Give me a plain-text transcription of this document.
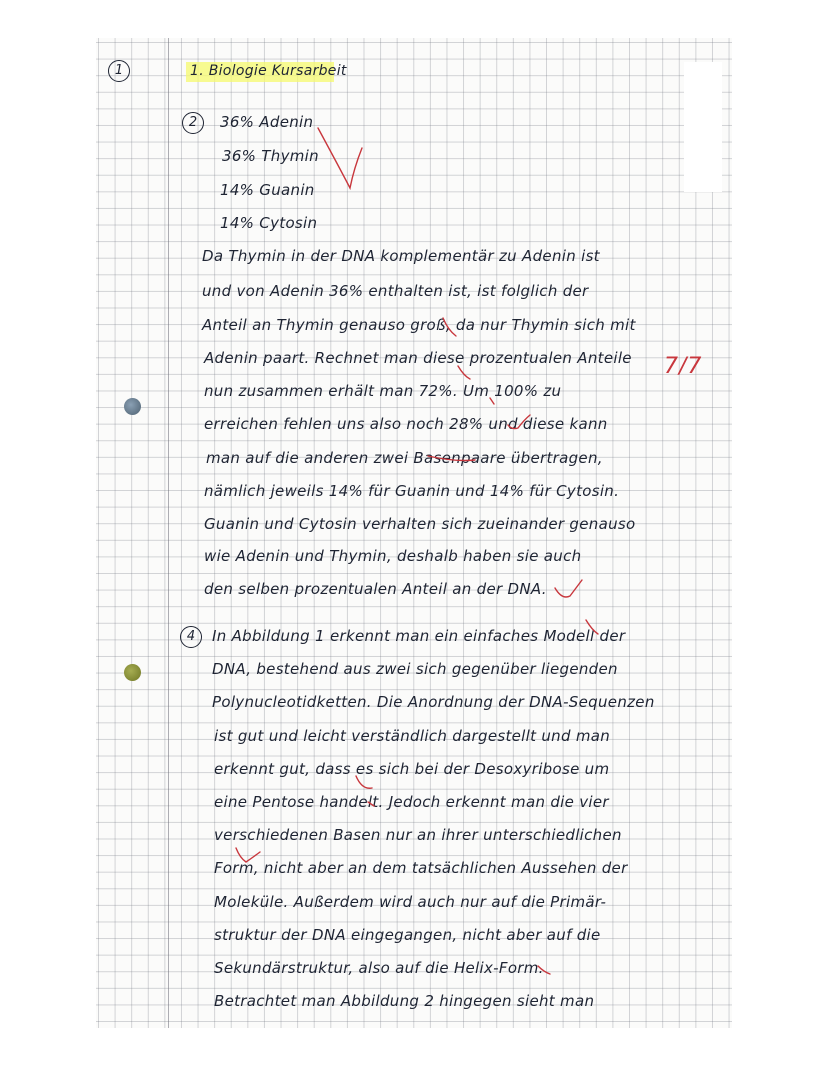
1	1. Biologie Kursarbeit
2	36% Adenin
36% Thymin
14% Guanin
14% Cytosin
Da Thymin in der DNA komplementär zu Adenin ist
und von Adenin 36% enthalten ist, ist folglich der
Anteil an Thymin genauso groß, da nur Thymin sich mit
Adenin paart. Rechnet man diese prozentualen Anteile
nun zusammen erhält man 72%. Um 100% zu
erreichen fehlen uns also noch 28% und diese kann
man auf die anderen zwei Basenpaare übertragen,
nämlich jeweils 14% für Guanin und 14% für Cytosin.
Guanin und Cytosin verhalten sich zueinander genauso
wie Adenin und Thymin, deshalb haben sie auch
den selben prozentualen Anteil an der DNA.
4	In Abbildung 1 erkennt man ein einfaches Modell der
DNA, bestehend aus zwei sich gegenüber liegenden
Polynucleotidketten. Die Anordnung der DNA-Sequenzen
ist gut und leicht verständlich dargestellt und man
erkennt gut, dass es sich bei der Desoxyribose um
eine Pentose handelt. Jedoch erkennt man die vier
verschiedenen Basen nur an ihrer unterschiedlichen
Form, nicht aber an dem tatsächlichen Aussehen der
Moleküle. Außerdem wird auch nur auf die Primär-
struktur der DNA eingegangen, nicht aber auf die
Sekundärstruktur, also auf die Helix-Form.
Betrachtet man Abbildung 2 hingegen sieht man
7/7
